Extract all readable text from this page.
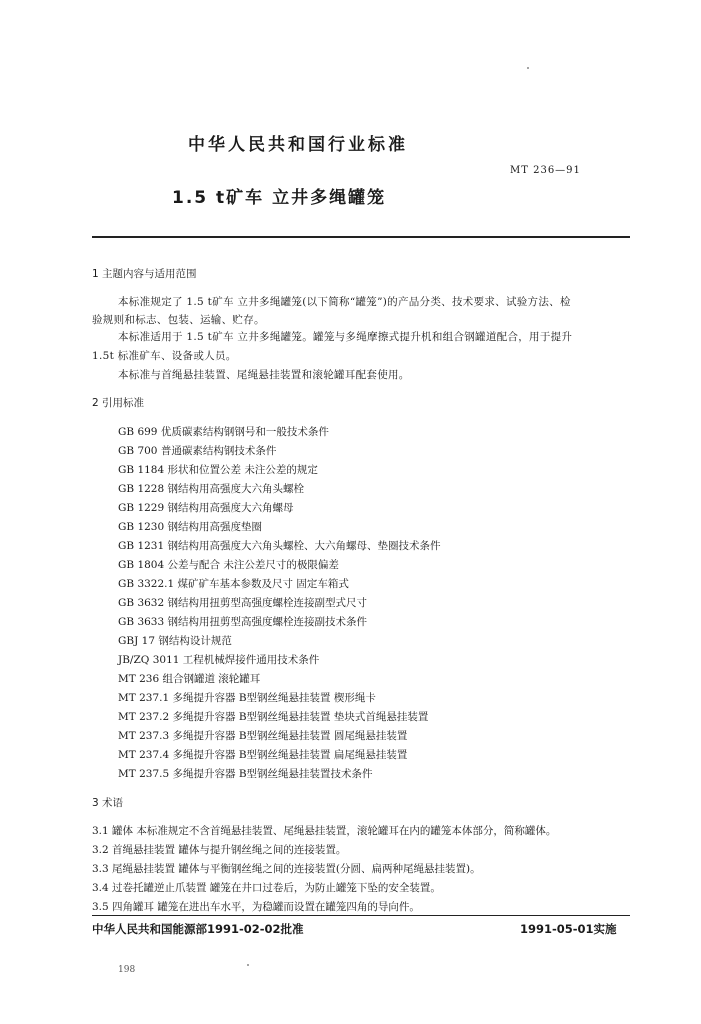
中华人民共和国行业标准
MT 236—91
1.5 t矿车 立井多绳罐笼
1 主题内容与适用范围
本标准规定了 1.5 t矿车 立井多绳罐笼(以下简称“罐笼”)的产品分类、技术要求、试验方法、检
验规则和标志、包装、运输、贮存。
本标准适用于 1.5 t矿车 立井多绳罐笼。罐笼与多绳摩擦式提升机和组合钢罐道配合，用于提升
1.5t 标准矿车、设备或人员。
本标准与首绳悬挂装置、尾绳悬挂装置和滚轮罐耳配套使用。
2 引用标准
GB 699 优质碳素结构钢钢号和一般技术条件
GB 700 普通碳素结构钢技术条件
GB 1184 形状和位置公差 未注公差的规定
GB 1228 钢结构用高强度大六角头螺栓
GB 1229 钢结构用高强度大六角螺母
GB 1230 钢结构用高强度垫圈
GB 1231 钢结构用高强度大六角头螺栓、大六角螺母、垫圈技术条件
GB 1804 公差与配合 未注公差尺寸的极限偏差
GB 3322.1 煤矿矿车基本参数及尺寸 固定车箱式
GB 3632 钢结构用扭剪型高强度螺栓连接副型式尺寸
GB 3633 钢结构用扭剪型高强度螺栓连接副技术条件
GBJ 17 钢结构设计规范
JB/ZQ 3011 工程机械焊接件通用技术条件
MT 236 组合钢罐道 滚轮罐耳
MT 237.1 多绳提升容器 B型钢丝绳悬挂装置 楔形绳卡
MT 237.2 多绳提升容器 B型钢丝绳悬挂装置 垫块式首绳悬挂装置
MT 237.3 多绳提升容器 B型钢丝绳悬挂装置 圆尾绳悬挂装置
MT 237.4 多绳提升容器 B型钢丝绳悬挂装置 扁尾绳悬挂装置
MT 237.5 多绳提升容器 B型钢丝绳悬挂装置技术条件
3 术语
3.1 罐体 本标准规定不含首绳悬挂装置、尾绳悬挂装置，滚轮罐耳在内的罐笼本体部分，简称罐体。
3.2 首绳悬挂装置 罐体与提升钢丝绳之间的连接装置。
3.3 尾绳悬挂装置 罐体与平衡钢丝绳之间的连接装置(分圆、扁两种尾绳悬挂装置)。
3.4 过卷托罐逆止爪装置 罐笼在井口过卷后，为防止罐笼下坠的安全装置。
3.5 四角罐耳 罐笼在进出车水平，为稳罐而设置在罐笼四角的导向件。
中华人民共和国能源部1991-02-02批准	1991-05-01实施
198
